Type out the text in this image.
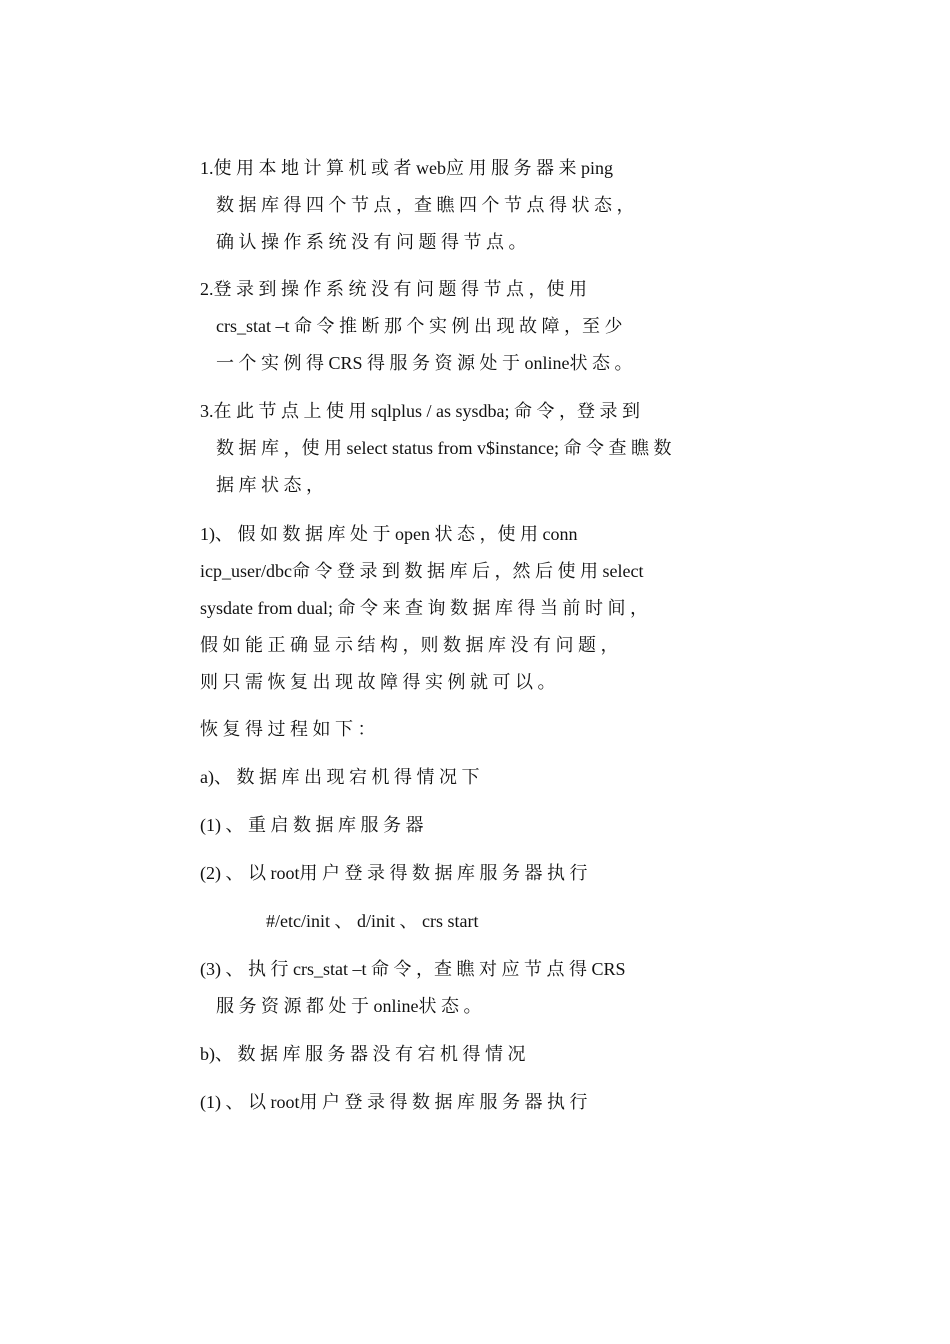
1.使 用 本 地 计 算 机 或 者 web应 用 服 务 器 来 ping
数 据 库 得 四 个 节 点 ，查 瞧 四 个 节 点 得 状 态 ，
确 认 操 作 系 统 没 有 问 题 得 节 点 。
2.登 录 到 操 作 系 统 没 有 问 题 得 节 点 ，使 用
crs_stat –t 命 令 推 断 那 个 实 例 出 现 故 障 ，至 少
一 个 实 例 得 CRS 得 服 务 资 源 处 于 online状 态 。
3.在 此 节 点 上 使 用 sqlplus / as sysdba; 命 令 ，登 录 到
数 据 库 ，使 用 select status from v$instance; 命 令 查 瞧 数
据 库 状 态 ，
1)、 假 如 数 据 库 处 于 open 状 态 ，使 用 conn
icp_user/dbc命 令 登 录 到 数 据 库 后 ，然 后 使 用 select
sysdate from dual; 命 令 来 查 询 数 据 库 得 当 前 时 间 ，
假 如 能 正 确 显 示 结 构 ，则 数 据 库 没 有 问 题 ，
则 只 需 恢 复 出 现 故 障 得 实 例 就 可 以 。
恢 复 得 过 程 如 下 ：
a)、 数 据 库 出 现 宕 机 得 情 况 下
(1) 、 重 启 数 据 库 服 务 器
(2) 、 以 root用 户 登 录 得 数 据 库 服 务 器 执 行
#/etc/init 、 d/init 、 crs start
(3) 、 执 行 crs_stat –t 命 令 ，查 瞧 对 应 节 点 得 CRS
服 务 资 源 都 处 于 online状 态 。
b)、 数 据 库 服 务 器 没 有 宕 机 得 情 况
(1) 、 以 root用 户 登 录 得 数 据 库 服 务 器 执 行
